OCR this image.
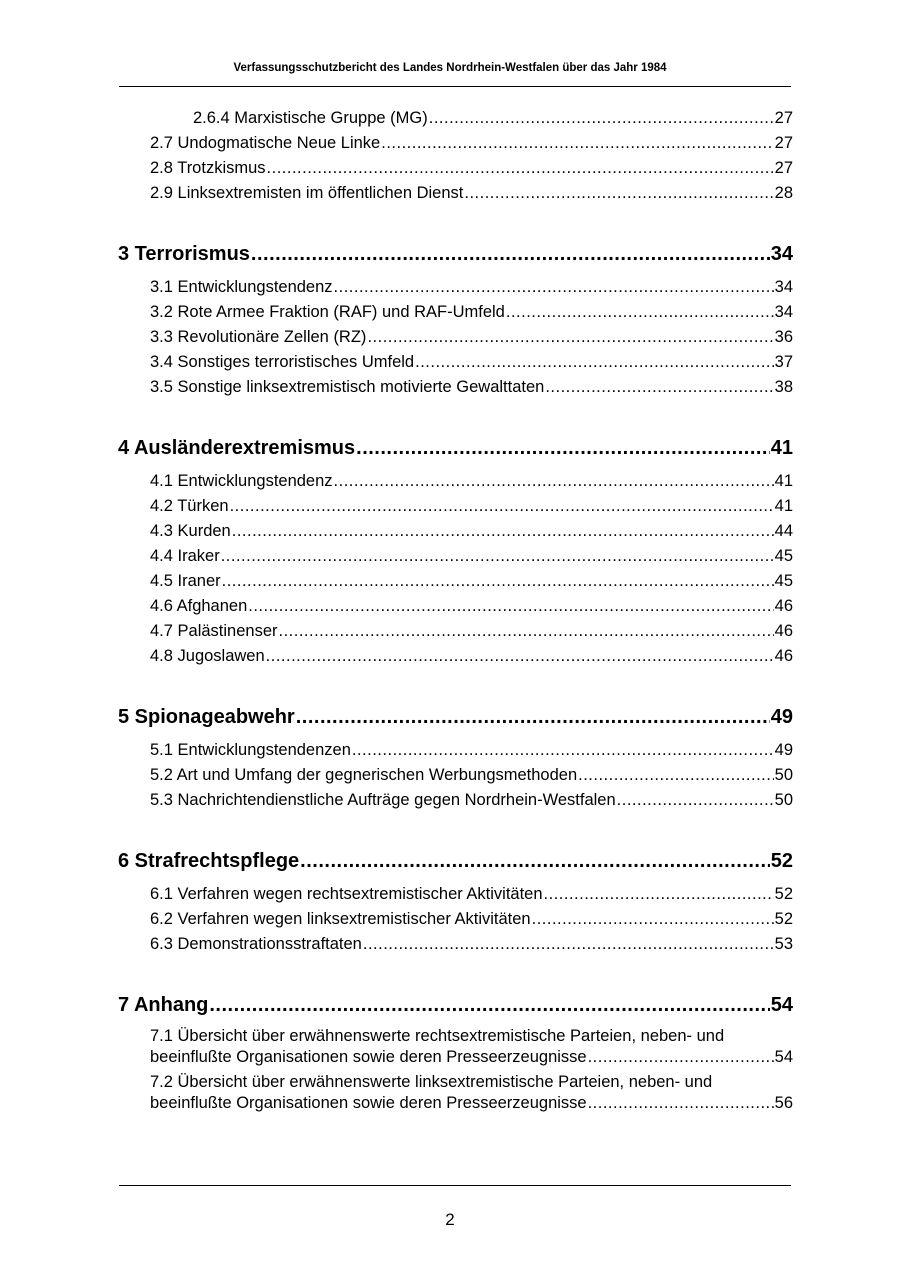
Verfassungsschutzbericht des Landes Nordrhein-Westfalen über das Jahr 1984
2.6.4 Marxistische Gruppe (MG) .....	27
2.7 Undogmatische Neue Linke .....	27
2.8 Trotzkismus .....	27
2.9 Linksextremisten im öffentlichen Dienst .....	28
3 Terrorismus .....	34
3.1 Entwicklungstendenz .....	34
3.2 Rote Armee Fraktion (RAF) und RAF-Umfeld .....	34
3.3 Revolutionäre Zellen (RZ) .....	36
3.4 Sonstiges terroristisches Umfeld .....	37
3.5 Sonstige linksextremistisch motivierte Gewalttaten .....	38
4 Ausländerextremismus .....	41
4.1 Entwicklungstendenz .....	41
4.2 Türken .....	41
4.3 Kurden .....	44
4.4 Iraker .....	45
4.5 Iraner .....	45
4.6 Afghanen .....	46
4.7 Palästinenser .....	46
4.8 Jugoslawen .....	46
5 Spionageabwehr .....	49
5.1 Entwicklungstendenzen .....	49
5.2 Art und Umfang der gegnerischen Werbungsmethoden .....	50
5.3 Nachrichtendienstliche Aufträge gegen Nordrhein-Westfalen .....	50
6 Strafrechtspflege .....	52
6.1 Verfahren wegen rechtsextremistischer Aktivitäten .....	52
6.2 Verfahren wegen linksextremistischer Aktivitäten .....	52
6.3 Demonstrationsstraftaten .....	53
7 Anhang .....	54
7.1 Übersicht über erwähnenswerte rechtsextremistische Parteien, neben- und
beeinflußte Organisationen sowie deren Presseerzeugnisse .....	54
7.2 Übersicht über erwähnenswerte linksextremistische Parteien, neben- und
beeinflußte Organisationen sowie deren Presseerzeugnisse .....	56
2
